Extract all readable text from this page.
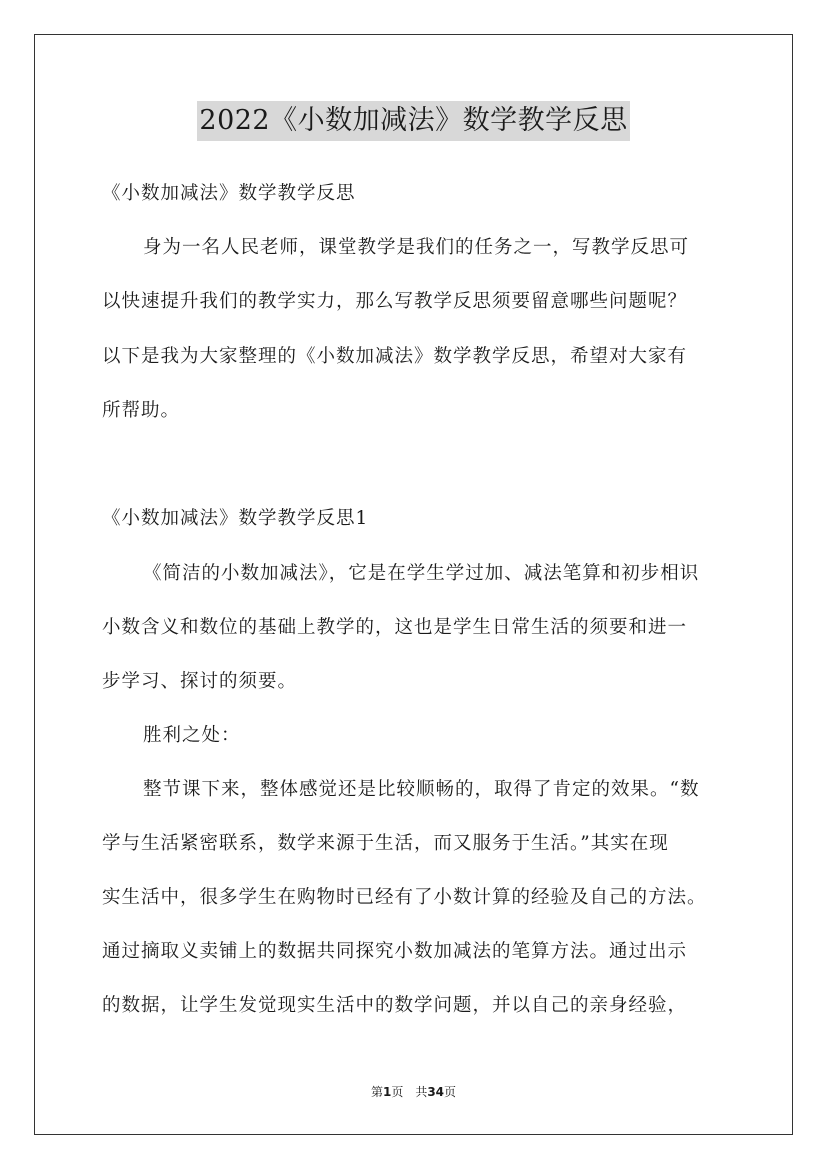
2022《小数加减法》数学教学反思
《小数加减法》数学教学反思
身为一名人民老师，课堂教学是我们的任务之一，写教学反思可
以快速提升我们的教学实力，那么写教学反思须要留意哪些问题呢？
以下是我为大家整理的《小数加减法》数学教学反思，希望对大家有
所帮助。
《小数加减法》数学教学反思1
《简洁的小数加减法》，它是在学生学过加、减法笔算和初步相识
小数含义和数位的基础上教学的，这也是学生日常生活的须要和进一
步学习、探讨的须要。
胜利之处：
整节课下来，整体感觉还是比较顺畅的，取得了肯定的效果。“数
学与生活紧密联系，数学来源于生活，而又服务于生活。”其实在现
实生活中，很多学生在购物时已经有了小数计算的经验及自己的方法。
通过摘取义卖铺上的数据共同探究小数加减法的笔算方法。通过出示
的数据，让学生发觉现实生活中的数学问题，并以自己的亲身经验，
第1页　共34页
